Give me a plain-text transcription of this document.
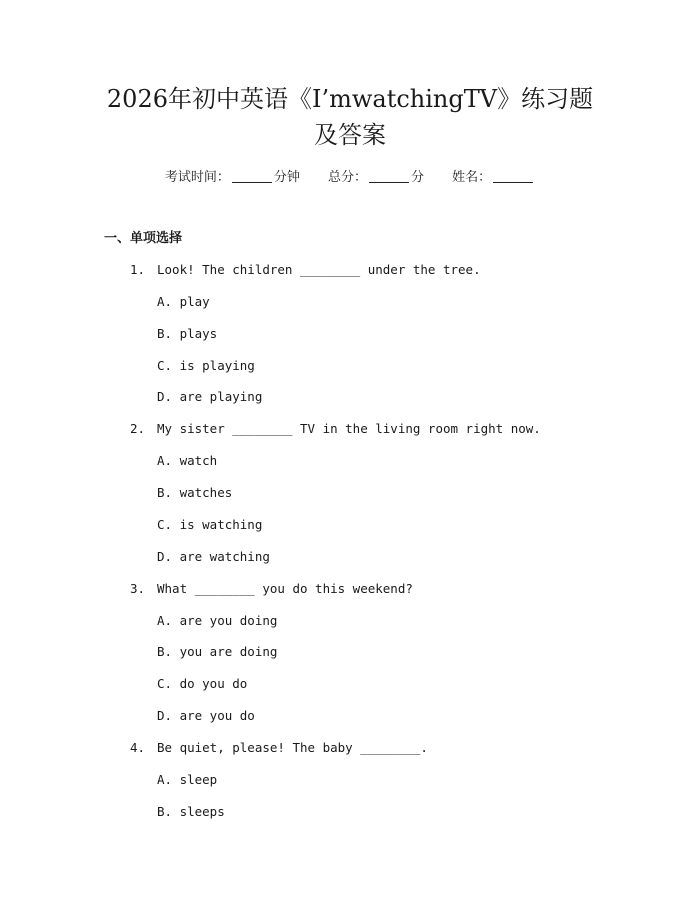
2026年初中英语《I’mwatchingTV》练习题
及答案
考试时间：	分钟 总分：	分 姓名：
一、单项选择
1. Look! The children ________ under the tree.
A. play
B. plays
C. is playing
D. are playing
2. My sister ________ TV in the living room right now.
A. watch
B. watches
C. is watching
D. are watching
3. What ________ you do this weekend?
A. are you doing
B. you are doing
C. do you do
D. are you do
4. Be quiet, please! The baby ________.
A. sleep
B. sleeps
